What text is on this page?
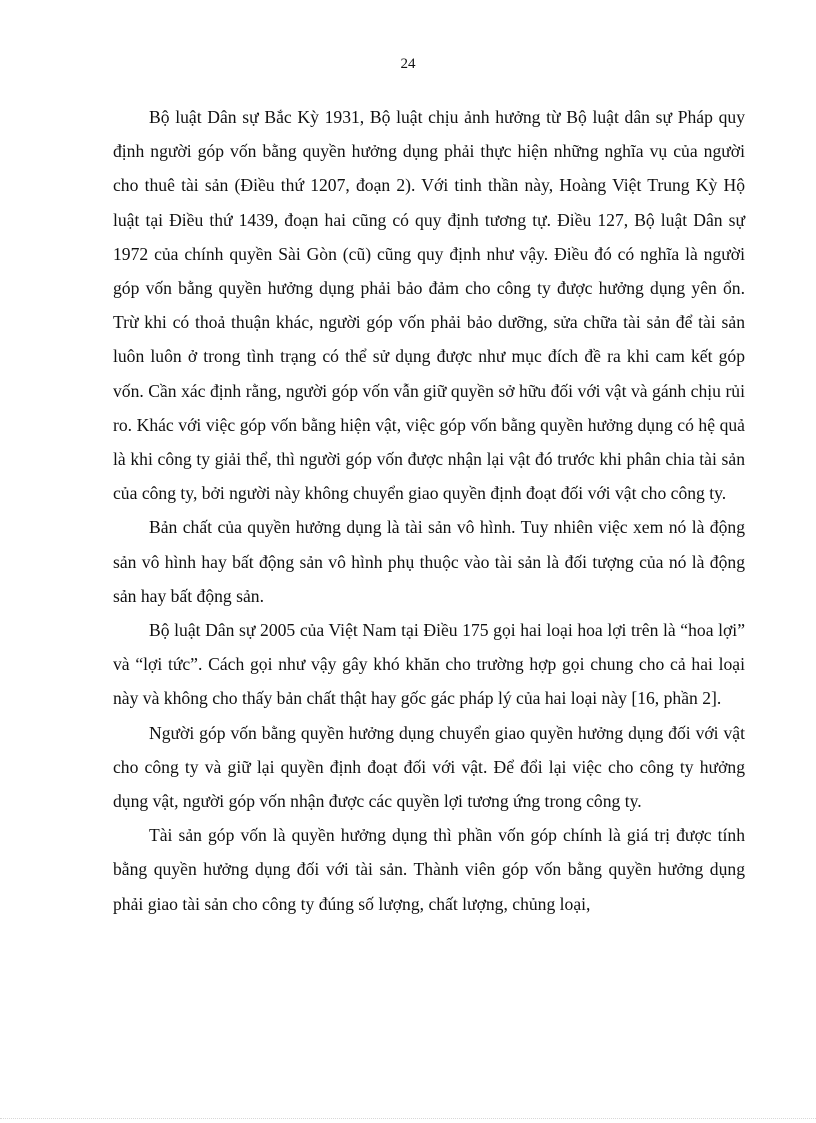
24

Bộ luật Dân sự Bắc Kỳ 1931, Bộ luật chịu ảnh hưởng từ Bộ luật dân sự Pháp quy định người góp vốn bằng quyền hưởng dụng phải thực hiện những nghĩa vụ của người cho thuê tài sản (Điều thứ 1207, đoạn 2). Với tinh thần này, Hoàng Việt Trung Kỳ Hộ luật tại Điều thứ 1439, đoạn hai cũng có quy định tương tự. Điều 127, Bộ luật Dân sự 1972 của chính quyền Sài Gòn (cũ) cũng quy định như vậy. Điều đó có nghĩa là người góp vốn bằng quyền hưởng dụng phải bảo đảm cho công ty được hưởng dụng yên ổn. Trừ khi có thoả thuận khác, người góp vốn phải bảo dưỡng, sửa chữa tài sản để tài sản luôn luôn ở trong tình trạng có thể sử dụng được như mục đích đề ra khi cam kết góp vốn. Cần xác định rằng, người góp vốn vẫn giữ quyền sở hữu đối với vật và gánh chịu rủi ro. Khác với việc góp vốn bằng hiện vật, việc góp vốn bằng quyền hưởng dụng có hệ quả là khi công ty giải thể, thì người góp vốn được nhận lại vật đó trước khi phân chia tài sản của công ty, bởi người này không chuyển giao quyền định đoạt đối với vật cho công ty.

Bản chất của quyền hưởng dụng là tài sản vô hình. Tuy nhiên việc xem nó là động sản vô hình hay bất động sản vô hình phụ thuộc vào tài sản là đối tượng của nó là động sản hay bất động sản.

Bộ luật Dân sự 2005 của Việt Nam tại Điều 175 gọi hai loại hoa lợi trên là “hoa lợi” và “lợi tức”. Cách gọi như vậy gây khó khăn cho trường hợp gọi chung cho cả hai loại này và không cho thấy bản chất thật hay gốc gác pháp lý của hai loại này [16, phần 2].

Người góp vốn bằng quyền hưởng dụng chuyển giao quyền hưởng dụng đối với vật cho công ty và giữ lại quyền định đoạt đối với vật. Để đổi lại việc cho công ty hưởng dụng vật, người góp vốn nhận được các quyền lợi tương ứng trong công ty.

Tài sản góp vốn là quyền hưởng dụng thì phần vốn góp chính là giá trị được tính bằng quyền hưởng dụng đối với tài sản. Thành viên góp vốn bằng quyền hưởng dụng phải giao tài sản cho công ty đúng số lượng, chất lượng, chủng loại,
